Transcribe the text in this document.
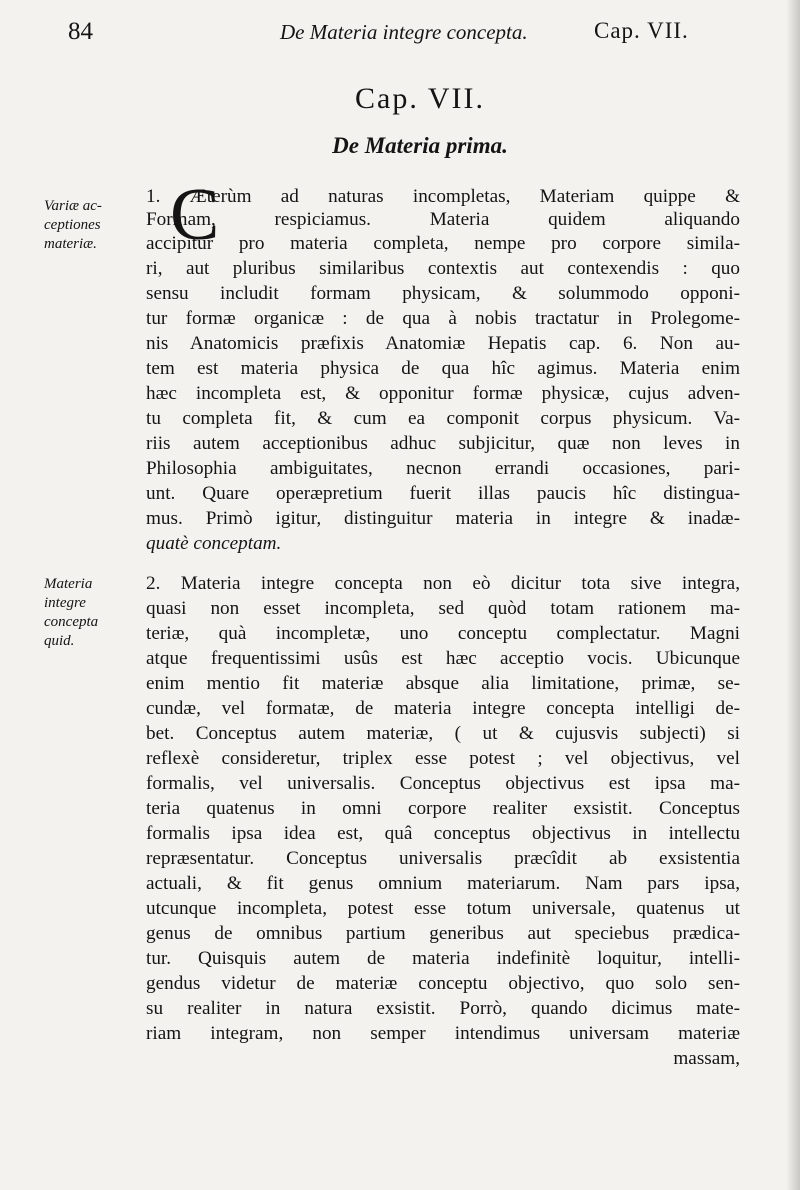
84	De Materia integre concepta.	Cap. VII.
Cap. VII.
De Materia prima.
Variæ ac-
ceptiones
materiæ.
Materia
integre
concepta
quid.
C
1. Æterùm ad naturas incompletas, Materiam quippe &
Formam, respiciamus. Materia quidem aliquando
accipitur pro materia completa, nempe pro corpore simila-
ri, aut pluribus similaribus contextis aut contexendis : quo
sensu includit formam physicam, & solummodo opponi-
tur formæ organicæ : de qua à nobis tractatur in Prolegome-
nis Anatomicis præfixis Anatomiæ Hepatis cap. 6. Non au-
tem est materia physica de qua hîc agimus. Materia enim
hæc incompleta est, & opponitur formæ physicæ, cujus adven-
tu completa fit, & cum ea componit corpus physicum. Va-
riis autem acceptionibus adhuc subjicitur, quæ non leves in
Philosophia ambiguitates, necnon errandi occasiones, pari-
unt. Quare operæpretium fuerit illas paucis hîc distingua-
mus. Primò igitur, distinguitur materia in integre & inadæ-
quatè conceptam.
2. Materia integre concepta non eò dicitur tota sive integra,
quasi non esset incompleta, sed quòd totam rationem ma-
teriæ, quà incompletæ, uno conceptu complectatur. Magni
atque frequentissimi usûs est hæc acceptio vocis. Ubicunque
enim mentio fit materiæ absque alia limitatione, primæ, se-
cundæ, vel formatæ, de materia integre concepta intelligi de-
bet. Conceptus autem materiæ, ( ut & cujusvis subjecti) si
reflexè consideretur, triplex esse potest ; vel objectivus, vel
formalis, vel universalis. Conceptus objectivus est ipsa ma-
teria quatenus in omni corpore realiter exsistit. Conceptus
formalis ipsa idea est, quâ conceptus objectivus in intellectu
repræsentatur. Conceptus universalis præcîdit ab exsistentia
actuali, & fit genus omnium materiarum. Nam pars ipsa,
utcunque incompleta, potest esse totum universale, quatenus ut
genus de omnibus partium generibus aut speciebus prædica-
tur. Quisquis autem de materia indefinitè loquitur, intelli-
gendus videtur de materiæ conceptu objectivo, quo solo sen-
su realiter in natura exsistit. Porrò, quando dicimus mate-
riam integram, non semper intendimus universam materiæ
massam,
